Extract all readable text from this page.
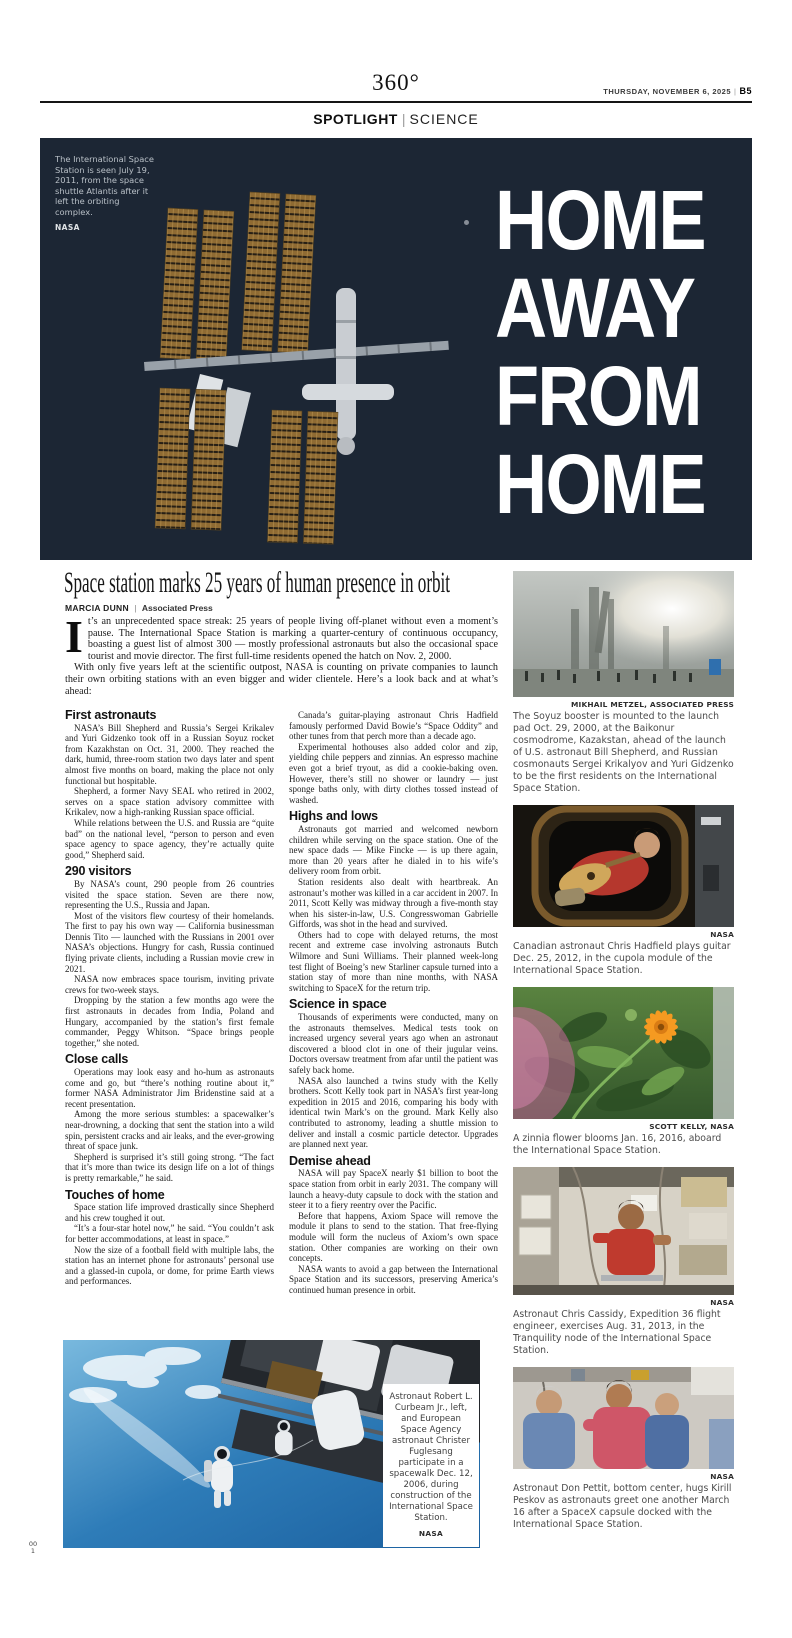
360°	THURSDAY, NOVEMBER 6, 2025 | B5
SPOTLIGHT | SCIENCE
The International Space Station is seen July 19, 2011, from the space shuttle Atlantis after it left the orbiting complex.
NASA	HOME
AWAY
FROM
HOME
Space station marks 25 years of human presence in orbit
MARCIA DUNN | Associated Press

It’s an unprecedented space streak: 25 years of people living off-planet without even a moment’s pause. The International Space Station is marking a quarter-century of continuous occupancy, boasting a guest list of almost 300 — mostly professional astronauts but also the occasional space tourist and movie director. The first full-time residents opened the hatch on Nov. 2, 2000.

With only five years left at the scientific outpost, NASA is counting on private companies to launch their own orbiting stations with an even bigger and wider clientele. Here’s a look back and at what’s ahead:

First astronauts

NASA’s Bill Shepherd and Russia’s Sergei Krikalev and Yuri Gidzenko took off in a Russian Soyuz rocket from Kazakhstan on Oct. 31, 2000. They reached the dark, humid, three-room station two days later and spent almost five months on board, making the place not only functional but hospitable.

Shepherd, a former Navy SEAL who retired in 2002, serves on a space station advisory committee with Krikalev, now a high-ranking Russian space official.

While relations between the U.S. and Russia are “quite bad” on the national level, “person to person and even space agency to space agency, they’re actually quite good,” Shepherd said.

290 visitors

By NASA’s count, 290 people from 26 countries visited the space station. Seven are there now, representing the U.S., Russia and Japan.

Most of the visitors flew courtesy of their homelands. The first to pay his own way — California businessman Dennis Tito — launched with the Russians in 2001 over NASA’s objections. Hungry for cash, Russia continued flying private clients, including a Russian movie crew in 2021.

NASA now embraces space tourism, inviting private crews for two-week stays.

Dropping by the station a few months ago were the first astronauts in decades from India, Poland and Hungary, accompanied by the station’s first female commander, Peggy Whitson. “Space brings people together,” she noted.

Close calls

Operations may look easy and ho-hum as astronauts come and go, but “there’s nothing routine about it,” former NASA Administrator Jim Bridenstine said at a recent presentation.

Among the more serious stumbles: a spacewalker’s near-drowning, a docking that sent the station into a wild spin, persistent cracks and air leaks, and the ever-growing threat of space junk.

Shepherd is surprised it’s still going strong. “The fact that it’s more than twice its design life on a lot of things is pretty remarkable,” he said.

Touches of home

Space station life improved drastically since Shepherd and his crew toughed it out.

“It’s a four-star hotel now,” he said. “You couldn’t ask for better accommodations, at least in space.”

Now the size of a football field with multiple labs, the station has an internet phone for astronauts’ personal use and a glassed-in cupola, or dome, for prime Earth views and performances.

Canada’s guitar-playing astronaut Chris Hadfield famously performed David Bowie’s “Space Oddity” and other tunes from that perch more than a decade ago.

Experimental hothouses also added color and zip, yielding chile peppers and zinnias. An espresso machine even got a brief tryout, as did a cookie-baking oven. However, there’s still no shower or laundry — just sponge baths only, with dirty clothes tossed instead of washed.

Highs and lows

Astronauts got married and welcomed newborn children while serving on the space station. One of the new space dads — Mike Fincke — is up there again, more than 20 years after he dialed in to his wife’s delivery room from orbit.

Station residents also dealt with heartbreak. An astronaut’s mother was killed in a car accident in 2007. In 2011, Scott Kelly was midway through a five-month stay when his sister-in-law, U.S. Congresswoman Gabrielle Giffords, was shot in the head and survived.

Others had to cope with delayed returns, the most recent and extreme case involving astronauts Butch Wilmore and Suni Williams. Their planned week-long test flight of Boeing’s new Starliner capsule turned into a station stay of more than nine months, with NASA switching to SpaceX for the return trip.

Science in space

Thousands of experiments were conducted, many on the astronauts themselves. Medical tests took on increased urgency several years ago when an astronaut discovered a blood clot in one of their jugular veins. Doctors oversaw treatment from afar until the patient was safely back home.

NASA also launched a twins study with the Kelly brothers. Scott Kelly took part in NASA’s first year-long expedition in 2015 and 2016, comparing his body with identical twin Mark’s on the ground. Mark Kelly also contributed to astronomy, leading a shuttle mission to deliver and install a cosmic particle detector. Upgrades are planned next year.

Demise ahead

NASA will pay SpaceX nearly $1 billion to boot the space station from orbit in early 2031. The company will launch a heavy-duty capsule to dock with the station and steer it to a fiery reentry over the Pacific.

Before that happens, Axiom Space will remove the module it plans to send to the station. That free-flying module will form the nucleus of Axiom’s own space station. Other companies are working on their own concepts.

NASA wants to avoid a gap between the International Space Station and its successors, preserving America’s continued human presence in orbit.

Astronaut Robert L. Curbeam Jr., left, and European Space Agency astronaut Christer Fuglesang participate in a spacewalk Dec. 12, 2006, during construction of the International Space Station.
NASA
MIKHAIL METZEL, ASSOCIATED PRESS
The Soyuz booster is mounted to the launch pad Oct. 29, 2000, at the Baikonur cosmodrome, Kazakstan, ahead of the launch of U.S. astronaut Bill Shepherd, and Russian cosmonauts Sergei Krikalyov and Yuri Gidzenko to be the first residents on the International Space Station.
NASA
Canadian astronaut Chris Hadfield plays guitar Dec. 25, 2012, in the cupola module of the International Space Station.
SCOTT KELLY, NASA
A zinnia flower blooms Jan. 16, 2016, aboard the International Space Station.
NASA
Astronaut Chris Cassidy, Expedition 36 flight engineer, exercises Aug. 31, 2013, in the Tranquility node of the International Space Station.
NASA
Astronaut Don Pettit, bottom center, hugs Kirill Peskov as astronauts greet one another March 16 after a SpaceX capsule docked with the International Space Station.
00
1
